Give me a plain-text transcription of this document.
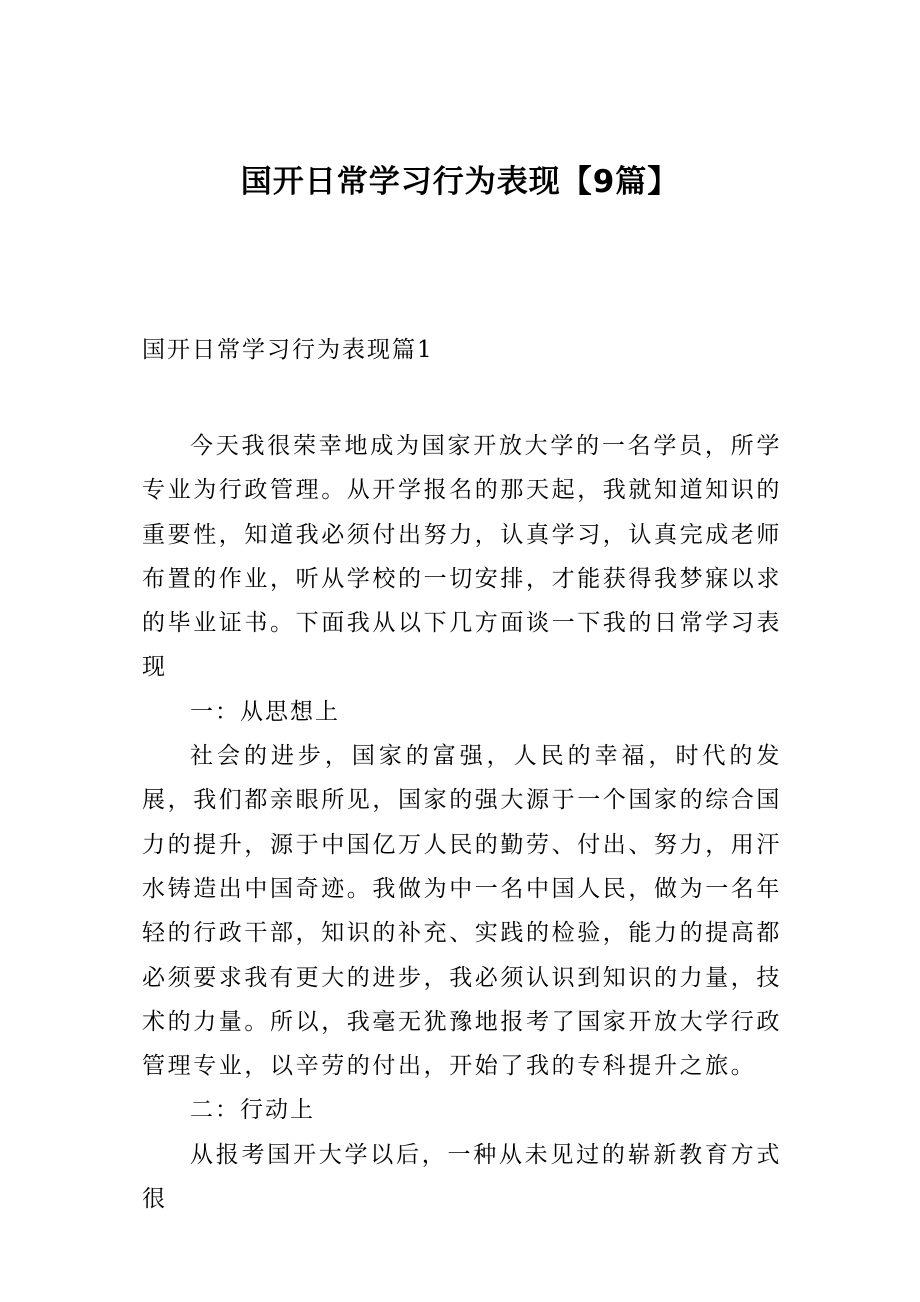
国开日常学习行为表现【9篇】
国开日常学习行为表现篇1

今天我很荣幸地成为国家开放大学的一名学员，所学专业为行政管理。从开学报名的那天起，我就知道知识的重要性，知道我必须付出努力，认真学习，认真完成老师布置的作业，听从学校的一切安排，才能获得我梦寐以求的毕业证书。下面我从以下几方面谈一下我的日常学习表现

一：从思想上

社会的进步，国家的富强，人民的幸福，时代的发展，我们都亲眼所见，国家的强大源于一个国家的综合国力的提升，源于中国亿万人民的勤劳、付出、努力，用汗水铸造出中国奇迹。我做为中一名中国人民，做为一名年轻的行政干部，知识的补充、实践的检验，能力的提高都必须要求我有更大的进步，我必须认识到知识的力量，技术的力量。所以，我毫无犹豫地报考了国家开放大学行政管理专业，以辛劳的付出，开始了我的专科提升之旅。

二：行动上

从报考国开大学以后，一种从未见过的崭新教育方式很
